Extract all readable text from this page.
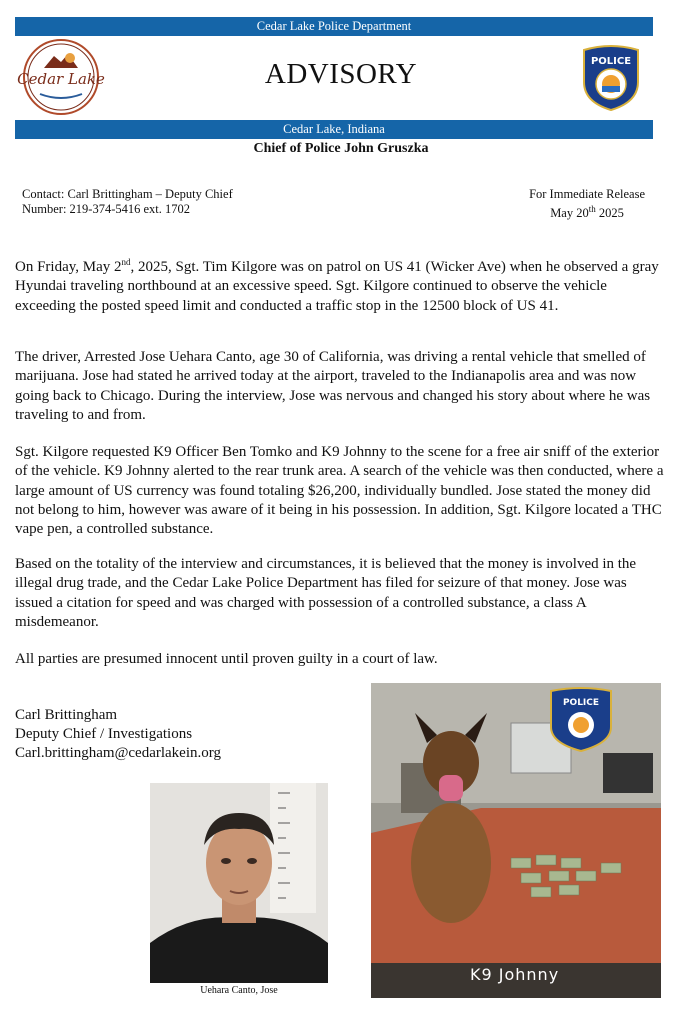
Cedar Lake Police Department
Cedar Lake	ADVISORY	POLICE
Cedar Lake, Indiana
Chief of Police John Gruszka
Contact: Carl Brittingham – Deputy Chief
Number: 219-374-5416 ext. 1702
For Immediate Release
May 20th 2025
On Friday, May 2nd, 2025, Sgt. Tim Kilgore was on patrol on US 41 (Wicker Ave) when he observed a gray Hyundai traveling northbound at an excessive speed. Sgt. Kilgore continued to observe the vehicle exceeding the posted speed limit and conducted a traffic stop in the 12500 block of US 41.
The driver, Arrested Jose Uehara Canto, age 30 of California, was driving a rental vehicle that smelled of marijuana. Jose had stated he arrived today at the airport, traveled to the Indianapolis area and was now going back to Chicago. During the interview, Jose was nervous and changed his story about where he was traveling to and from.
Sgt. Kilgore requested K9 Officer Ben Tomko and K9 Johnny to the scene for a free air sniff of the exterior of the vehicle. K9 Johnny alerted to the rear trunk area. A search of the vehicle was then conducted, where a large amount of US currency was found totaling $26,200, individually bundled. Jose stated the money did not belong to him, however was aware of it being in his possession. In addition, Sgt. Kilgore located a THC vape pen, a controlled substance.
Based on the totality of the interview and circumstances, it is believed that the money is involved in the illegal drug trade, and the Cedar Lake Police Department has filed for seizure of that money. Jose was issued a citation for speed and was charged with possession of a controlled substance, a class A misdemeanor.
All parties are presumed innocent until proven guilty in a court of law.
Carl Brittingham
Deputy Chief / Investigations
Carl.brittingham@cedarlakein.org
Uehara Canto, Jose
POLICE
K9 Johnny
